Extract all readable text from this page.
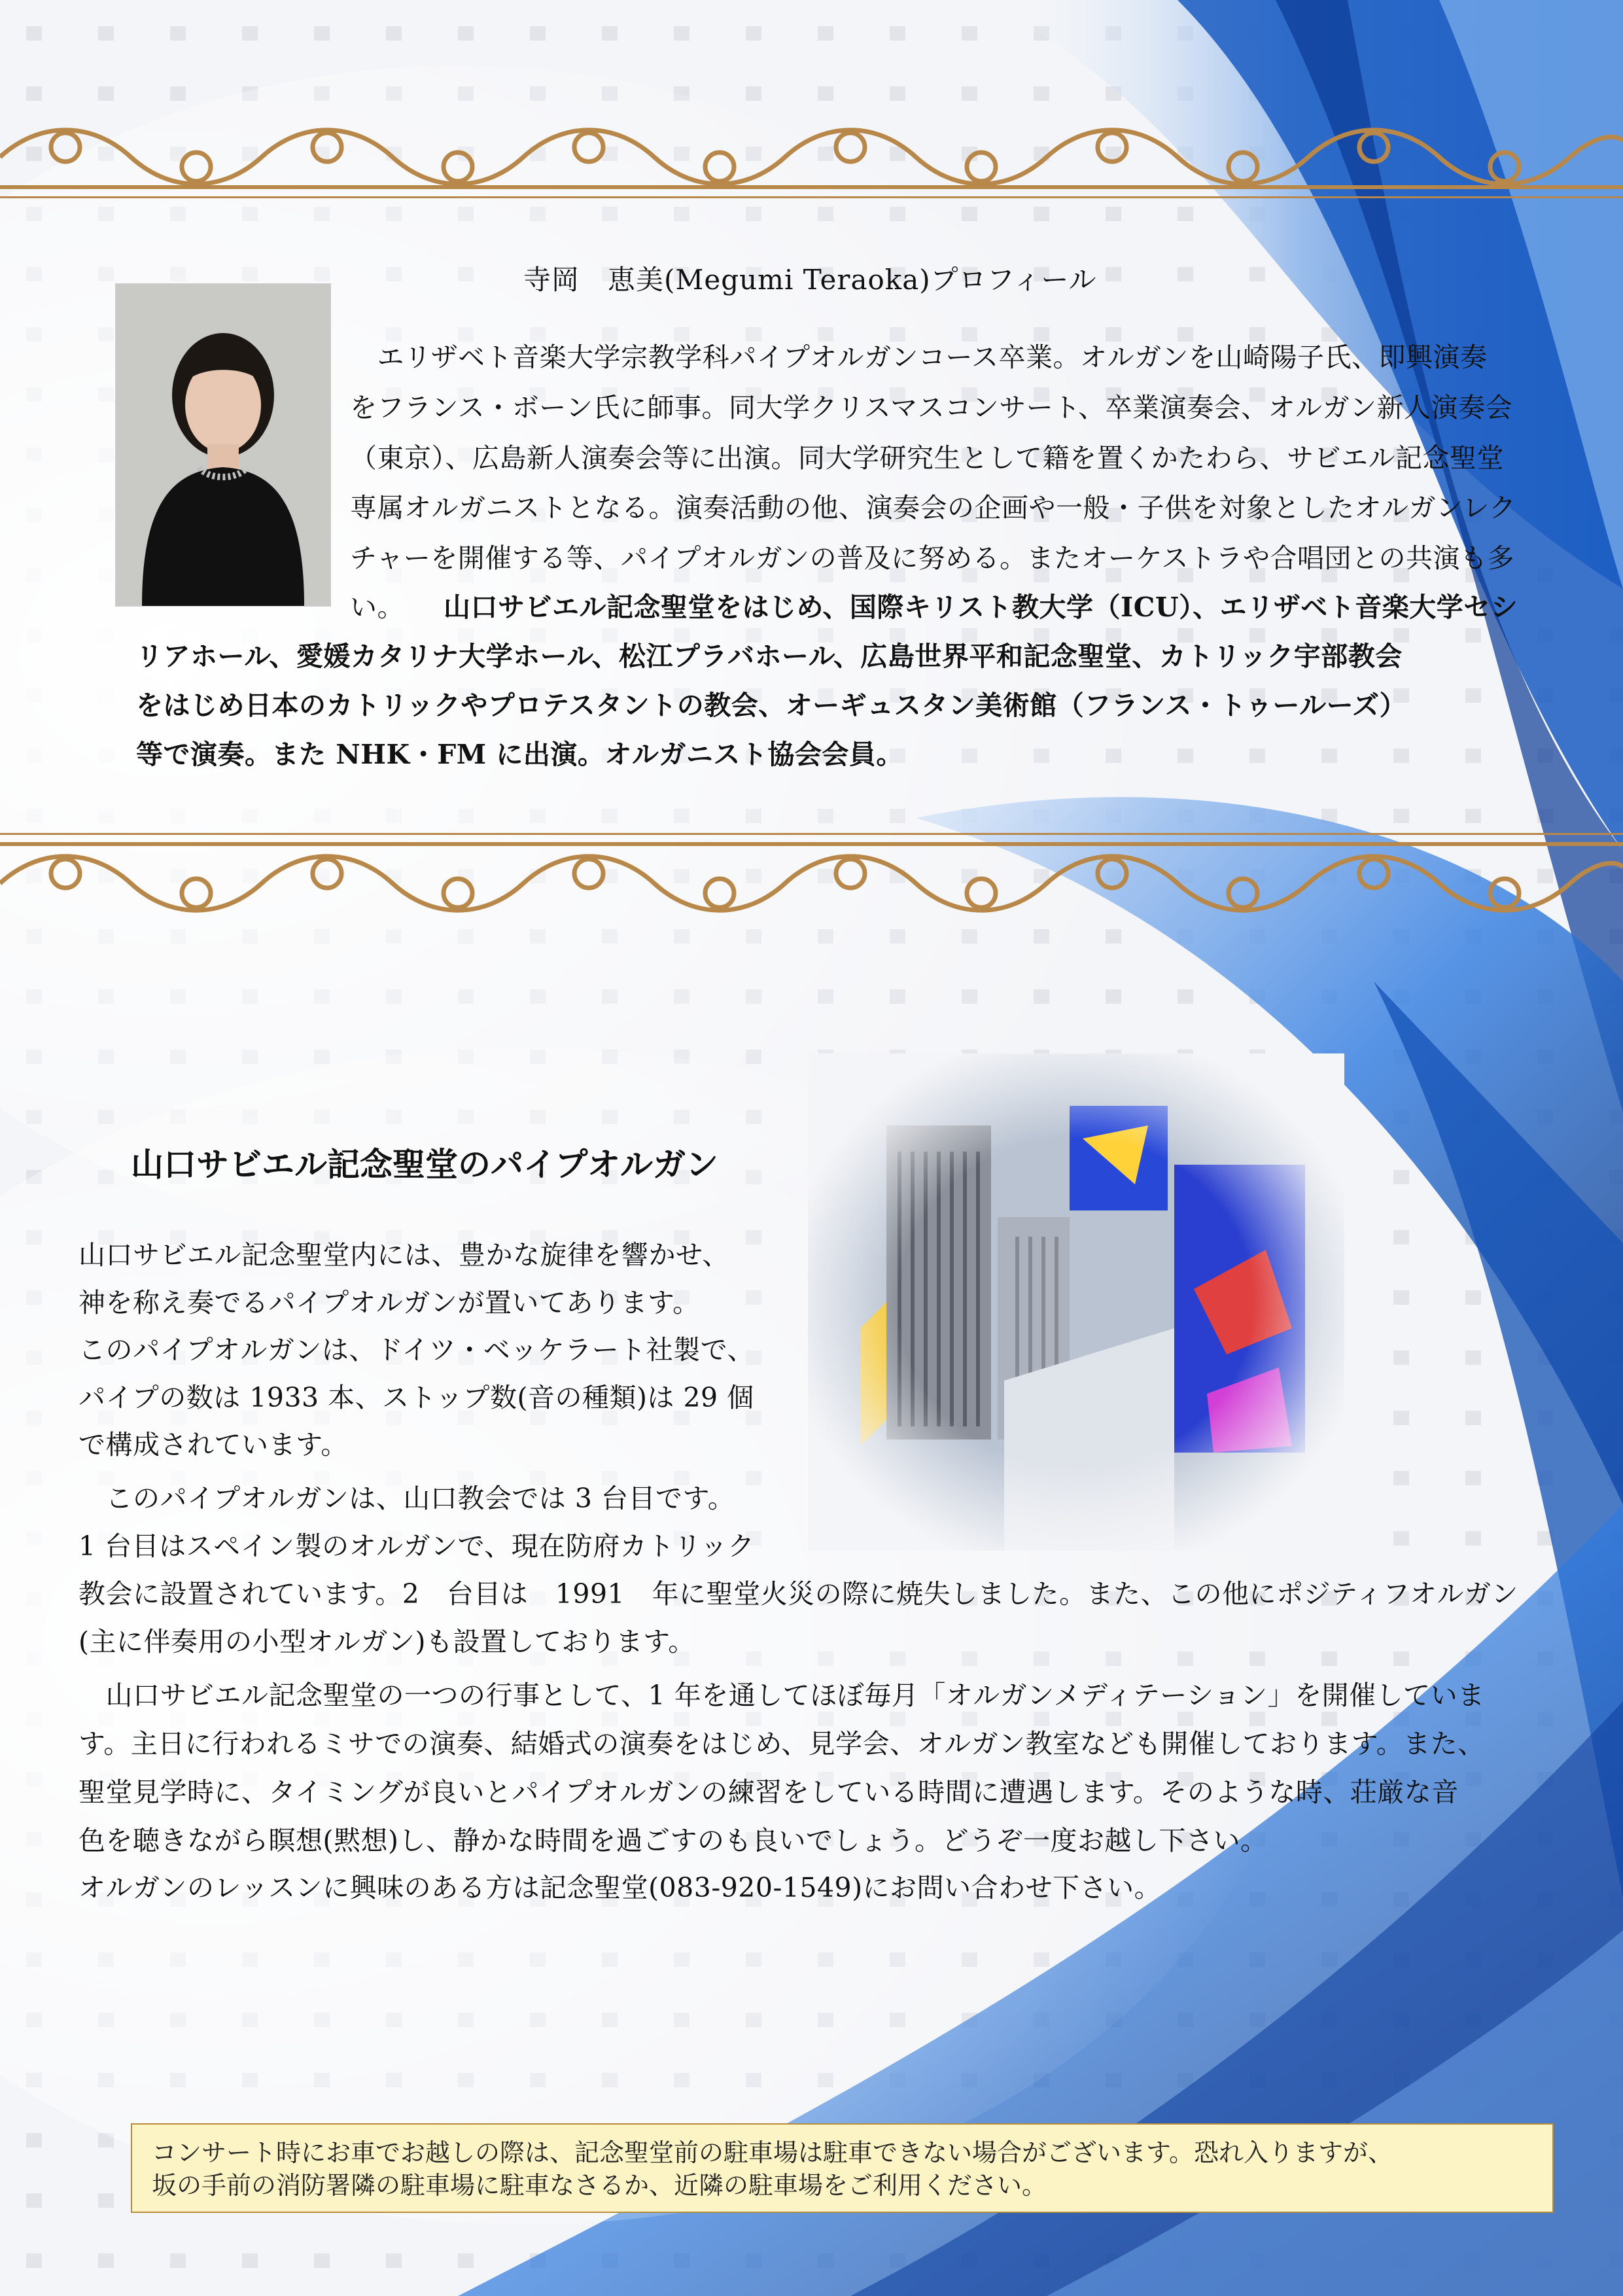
寺岡　恵美(Megumi Teraoka)プロフィール
　エリザベト音楽大学宗教学科パイプオルガンコース卒業。オルガンを山崎陽子氏、即興演奏
をフランス・ボーン氏に師事。同大学クリスマスコンサート、卒業演奏会、オルガン新人演奏会
（東京）、広島新人演奏会等に出演。同大学研究生として籍を置くかたわら、サビエル記念聖堂
専属オルガニストとなる。演奏活動の他、演奏会の企画や一般・子供を対象としたオルガンレク
チャーを開催する等、パイプオルガンの普及に努める。またオーケストラや合唱団との共演も多
い。 山口サビエル記念聖堂をはじめ、国際キリスト教大学（ICU）、エリザベト音楽大学セシ
リアホール、愛媛カタリナ大学ホール、松江プラバホール、広島世界平和記念聖堂、カトリック宇部教会
をはじめ日本のカトリックやプロテスタントの教会、オーギュスタン美術館（フランス・トゥールーズ）
等で演奏。また NHK・FM に出演。オルガニスト協会会員。
山口サビエル記念聖堂のパイプオルガン
山口サビエル記念聖堂内には、豊かな旋律を響かせ、
神を称え奏でるパイプオルガンが置いてあります。
このパイプオルガンは、ドイツ・ベッケラート社製で、
パイプの数は 1933 本、ストップ数(音の種類)は 29 個
で構成されています。
　このパイプオルガンは、山口教会では 3 台目です。
1 台目はスペイン製のオルガンで、現在防府カトリック
教会に設置されています。2　台目は　1991　年に聖堂火災の際に焼失しました。また、この他にポジティフオルガン
(主に伴奏用の小型オルガン)も設置しております。
　山口サビエル記念聖堂の一つの行事として、1 年を通してほぼ毎月「オルガンメディテーション」を開催していま
す。主日に行われるミサでの演奏、結婚式の演奏をはじめ、見学会、オルガン教室なども開催しております。また、
聖堂見学時に、タイミングが良いとパイプオルガンの練習をしている時間に遭遇します。そのような時、荘厳な音
色を聴きながら瞑想(黙想)し、静かな時間を過ごすのも良いでしょう。どうぞ一度お越し下さい。
オルガンのレッスンに興味のある方は記念聖堂(083-920-1549)にお問い合わせ下さい。
コンサート時にお車でお越しの際は、記念聖堂前の駐車場は駐車できない場合がございます。恐れ入りますが、
坂の手前の消防署隣の駐車場に駐車なさるか、近隣の駐車場をご利用ください。
